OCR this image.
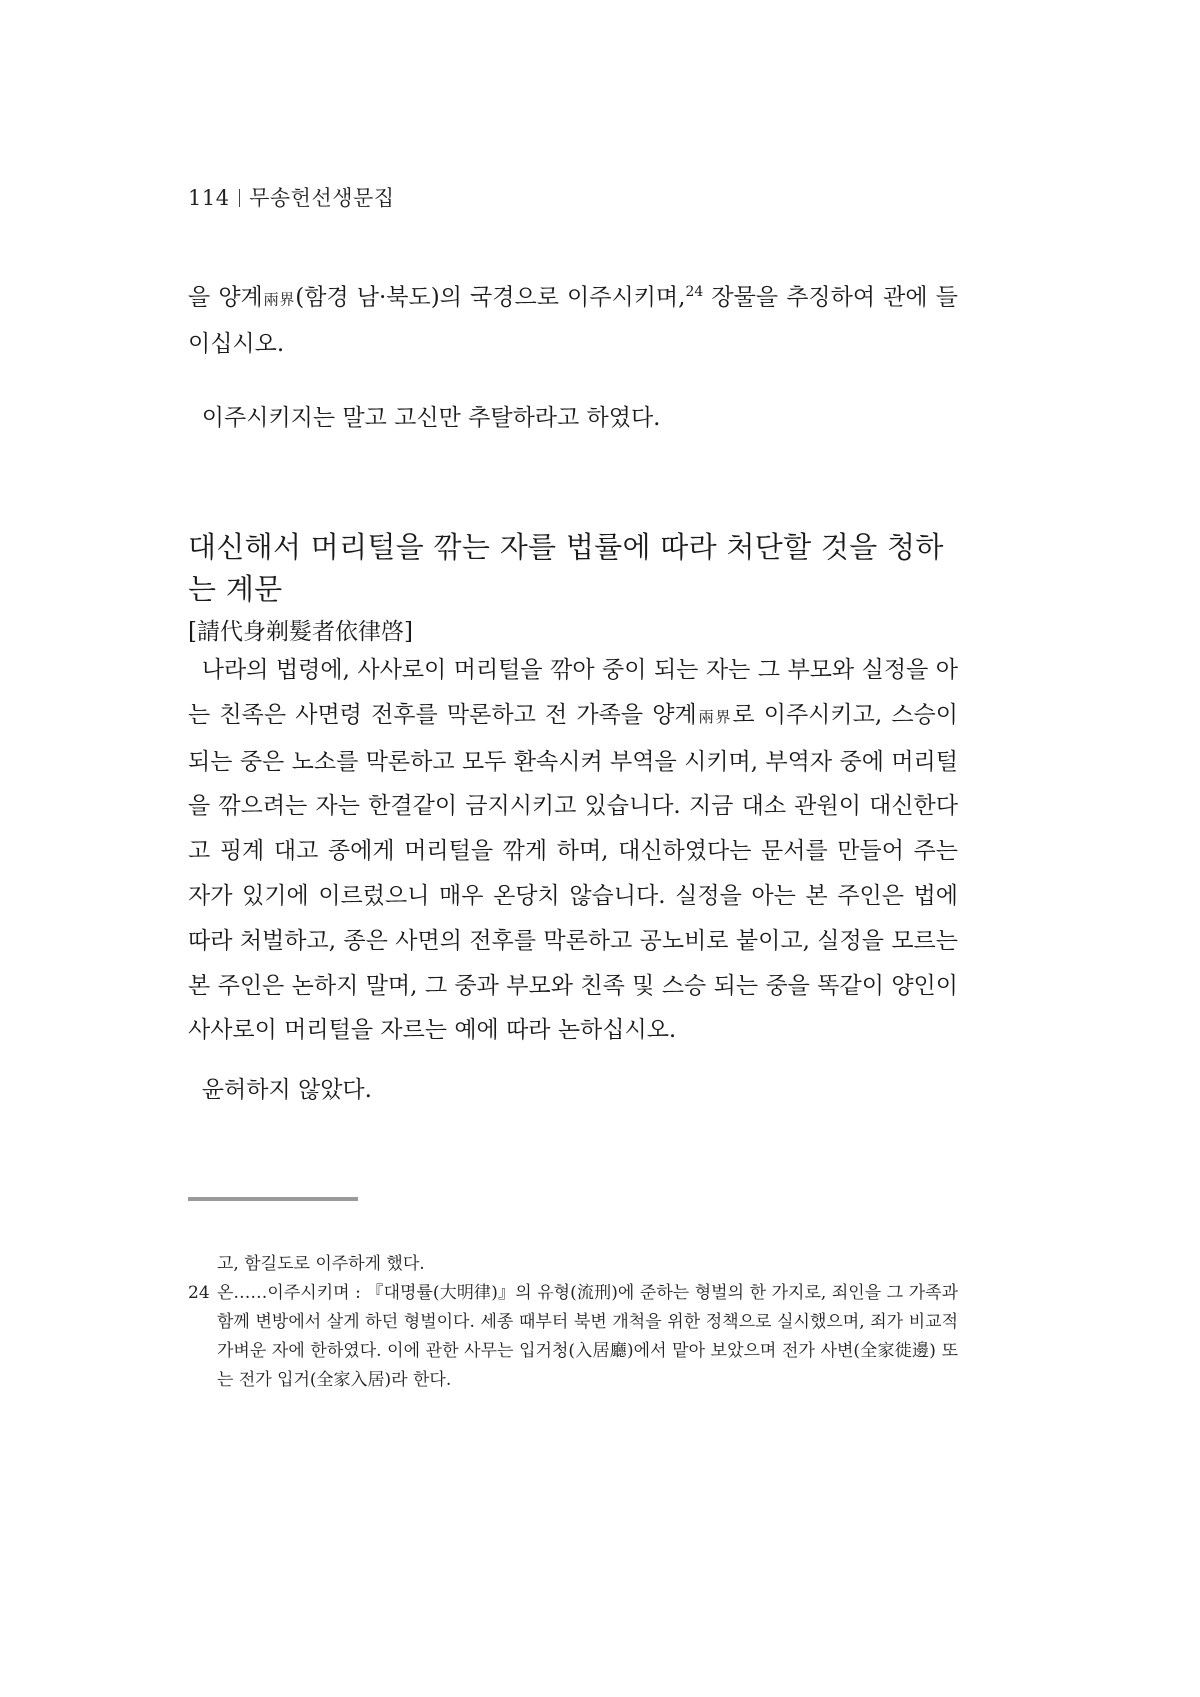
114 무송헌선생문집

을 양계兩界(함경 남·북도)의 국경으로 이주시키며,$^{24}$ 장물을 추징하여 관에 들이십시오.

이주시키지는 말고 고신만 추탈하라고 하였다.

대신해서 머리털을 깎는 자를 법률에 따라 처단할 것을 청하는 계문
[請代身剃髮者依律啓]

나라의 법령에, 사사로이 머리털을 깎아 중이 되는 자는 그 부모와 실정을 아는 친족은 사면령 전후를 막론하고 전 가족을 양계兩界로 이주시키고, 스승이 되는 중은 노소를 막론하고 모두 환속시켜 부역을 시키며, 부역자 중에 머리털을 깎으려는 자는 한결같이 금지시키고 있습니다. 지금 대소 관원이 대신한다고 핑계 대고 종에게 머리털을 깎게 하며, 대신하였다는 문서를 만들어 주는 자가 있기에 이르렀으니 매우 온당치 않습니다. 실정을 아는 본 주인은 법에 따라 처벌하고, 종은 사면의 전후를 막론하고 공노비로 붙이고, 실정을 모르는 본 주인은 논하지 말며, 그 중과 부모와 친족 및 스승 되는 중을 똑같이 양인이 사사로이 머리털을 자르는 예에 따라 논하십시오.

윤허하지 않았다.

고, 함길도로 이주하게 했다.
24 온……이주시키며 : 『대명률(大明律)』의 유형(流刑)에 준하는 형벌의 한 가지로, 죄인을 그 가족과 함께 변방에서 살게 하던 형벌이다. 세종 때부터 북변 개척을 위한 정책으로 실시했으며, 죄가 비교적 가벼운 자에 한하였다. 이에 관한 사무는 입거청(入居廳)에서 맡아 보았으며 전가 사변(全家徙邊) 또는 전가 입거(全家入居)라 한다.
